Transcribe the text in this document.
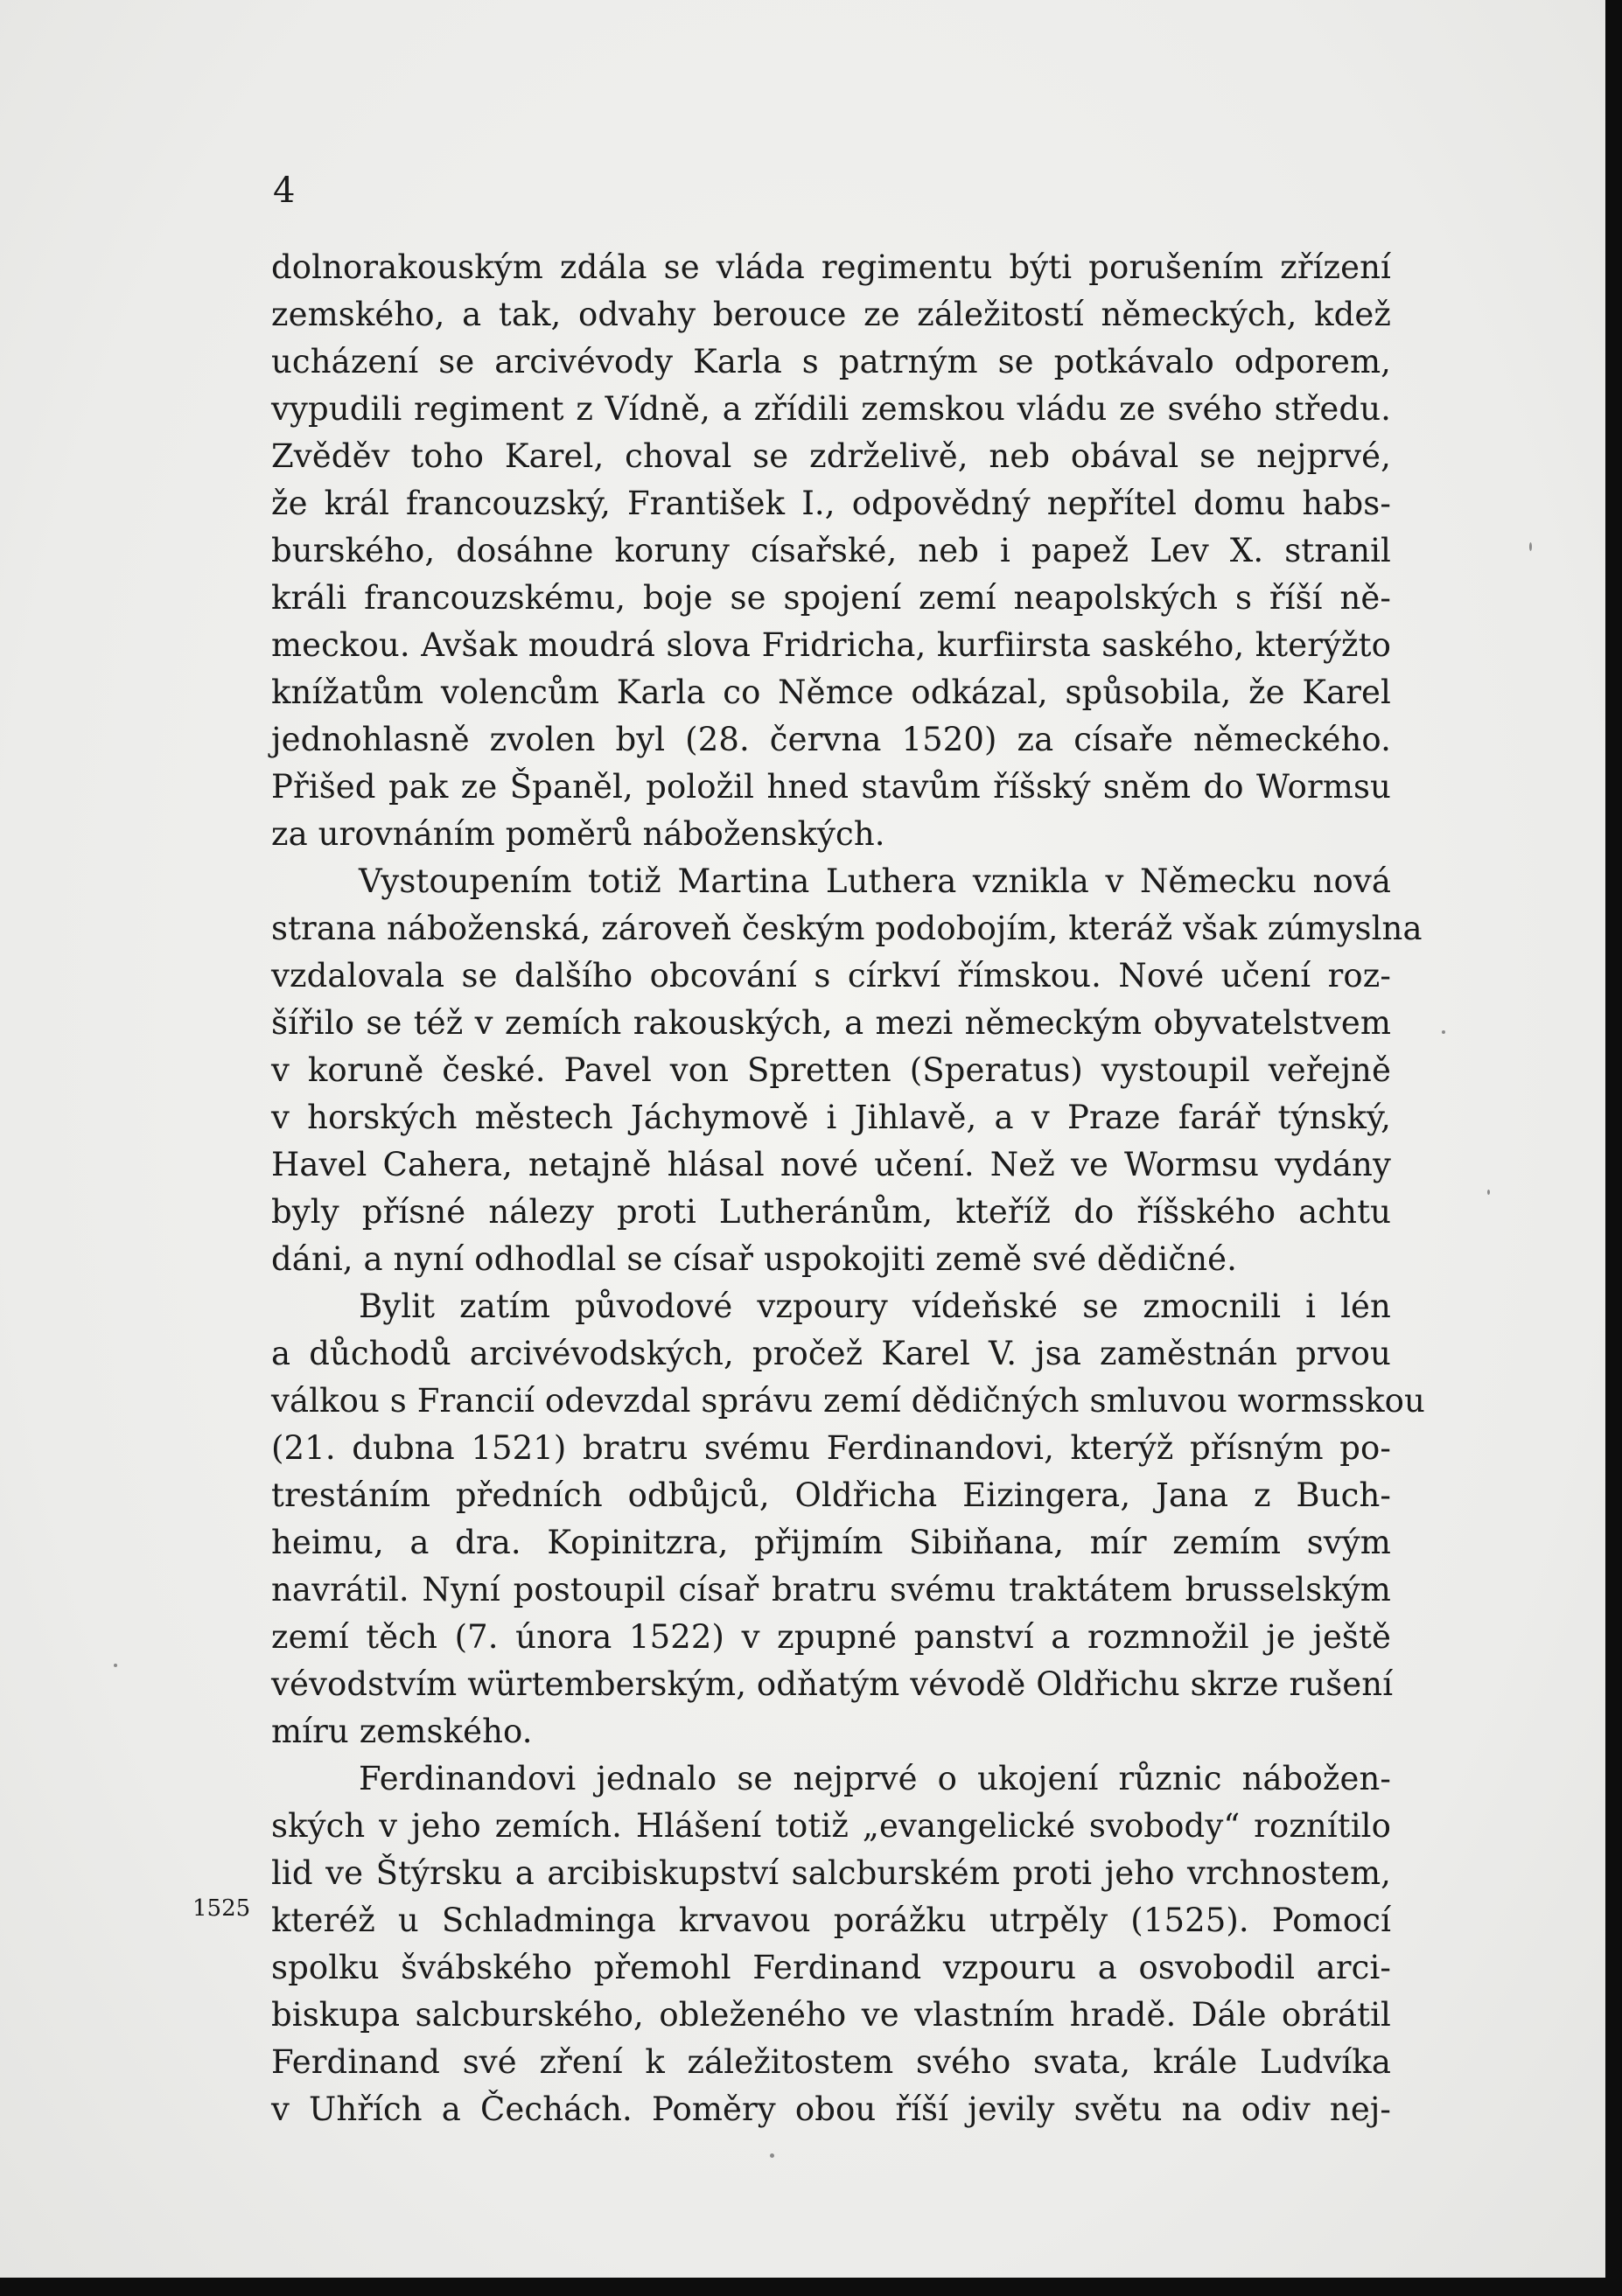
4
1525
dolnorakouským zdála se vláda regimentu býti porušením zřízení
zemského, a tak, odvahy berouce ze záležitostí německých, kdež
ucházení se arcivévody Karla s patrným se potkávalo odporem,
vypudili regiment z Vídně, a zřídili zemskou vládu ze svého středu.
Zvěděv toho Karel, choval se zdrželivě, neb obával se nejprvé,
že král francouzský, František I., odpovědný nepřítel domu habs-
burského, dosáhne koruny císařské, neb i papež Lev X. stranil
králi francouzskému, boje se spojení zemí neapolských s říší ně-
meckou. Avšak moudrá slova Fridricha, kurfiirsta saského, kterýžto
knížatům volencům Karla co Němce odkázal, spůsobila, že Karel
jednohlasně zvolen byl (28. června 1520) za císaře německého.
Přišed pak ze Španěl, položil hned stavům říšský sněm do Wormsu
za urovnáním poměrů náboženských.
Vystoupením totiž Martina Luthera vznikla v Německu nová
strana náboženská, zároveň českým podobojím, kteráž však zúmyslna
vzdalovala se dalšího obcování s církví římskou. Nové učení roz-
šířilo se též v zemích rakouských, a mezi německým obyvatelstvem
v koruně české. Pavel von Spretten (Speratus) vystoupil veřejně
v horských městech Jáchymově i Jihlavě, a v Praze farář týnský,
Havel Cahera, netajně hlásal nové učení. Než ve Wormsu vydány
byly přísné nálezy proti Lutheránům, kteříž do říšského achtu
dáni, a nyní odhodlal se císař uspokojiti země své dědičné.
Bylit zatím původové vzpoury vídeňské se zmocnili i lén
a důchodů arcivévodských, pročež Karel V. jsa zaměstnán prvou
válkou s Francií odevzdal správu zemí dědičných smluvou wormsskou
(21. dubna 1521) bratru svému Ferdinandovi, kterýž přísným po-
trestáním předních odbůjců, Oldřicha Eizingera, Jana z Buch-
heimu, a dra. Kopinitzra, přijmím Sibiňana, mír zemím svým
navrátil. Nyní postoupil císař bratru svému traktátem brusselským
zemí těch (7. února 1522) v zpupné panství a rozmnožil je ještě
vévodstvím würtemberským, odňatým vévodě Oldřichu skrze rušení
míru zemského.
Ferdinandovi jednalo se nejprvé o ukojení různic nábožen-
ských v jeho zemích. Hlášení totiž „evangelické svobody“ roznítilo
lid ve Štýrsku a arcibiskupství salcburském proti jeho vrchnostem,
kteréž u Schladminga krvavou porážku utrpěly (1525). Pomocí
spolku švábského přemohl Ferdinand vzpouru a osvobodil arci-
biskupa salcburského, obleženého ve vlastním hradě. Dále obrátil
Ferdinand své zření k záležitostem svého svata, krále Ludvíka
v Uhřích a Čechách. Poměry obou říší jevily světu na odiv nej-
